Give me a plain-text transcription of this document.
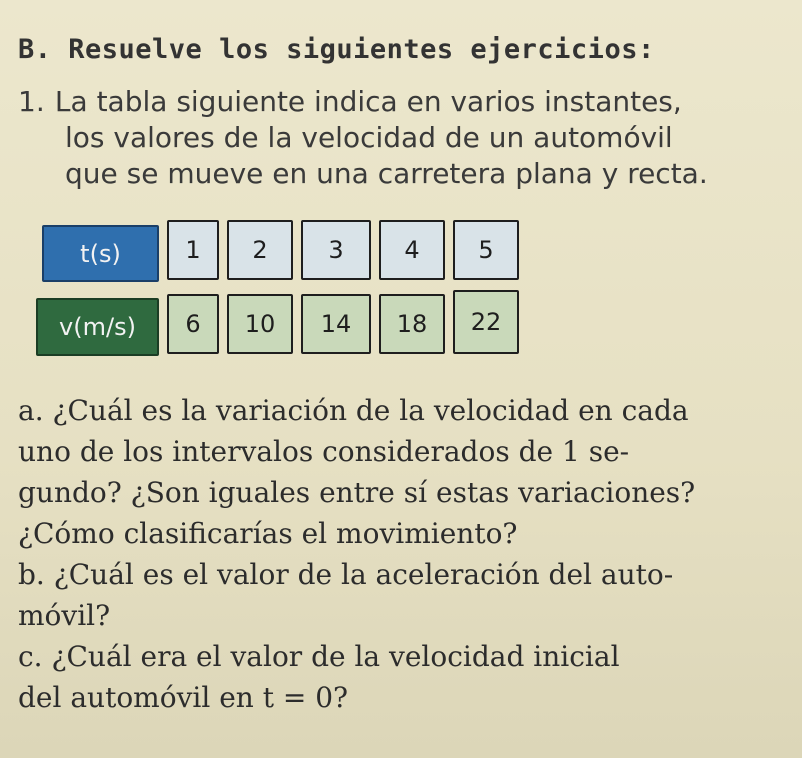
B. Resuelve los siguientes ejercicios:
1. La tabla siguiente indica en varios instantes,
los valores de la velocidad de un automóvil
que se mueve en una carretera plana y recta.
t(s)	1	2	3	4	5
v(m/s)	6	10	14	18	22
a. ¿Cuál es la variación de la velocidad en cada
uno de los intervalos considerados de 1 se-
gundo? ¿Son iguales entre sí estas variaciones?
¿Cómo clasificarías el movimiento?
b. ¿Cuál es el valor de la aceleración del auto-
móvil?
c. ¿Cuál era el valor de la velocidad inicial
del automóvil en t = 0?
